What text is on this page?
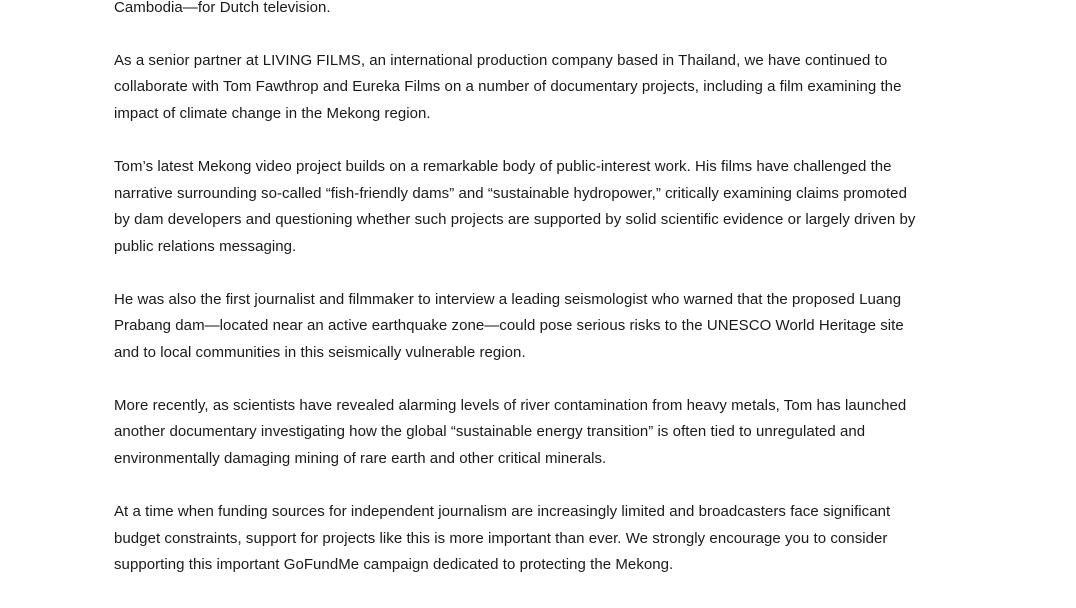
Cambodia—for Dutch television.

As a senior partner at LIVING FILMS, an international production company based in Thailand, we have continued to
collaborate with Tom Fawthrop and Eureka Films on a number of documentary projects, including a film examining the
impact of climate change in the Mekong region.

Tom’s latest Mekong video project builds on a remarkable body of public-interest work. His films have challenged the
narrative surrounding so-called “fish-friendly dams” and “sustainable hydropower,” critically examining claims promoted
by dam developers and questioning whether such projects are supported by solid scientific evidence or largely driven by
public relations messaging.

He was also the first journalist and filmmaker to interview a leading seismologist who warned that the proposed Luang
Prabang dam—located near an active earthquake zone—could pose serious risks to the UNESCO World Heritage site
and to local communities in this seismically vulnerable region.

More recently, as scientists have revealed alarming levels of river contamination from heavy metals, Tom has launched
another documentary investigating how the global “sustainable energy transition” is often tied to unregulated and
environmentally damaging mining of rare earth and other critical minerals.

At a time when funding sources for independent journalism are increasingly limited and broadcasters face significant
budget constraints, support for projects like this is more important than ever. We strongly encourage you to consider
supporting this important GoFundMe campaign dedicated to protecting the Mekong.
